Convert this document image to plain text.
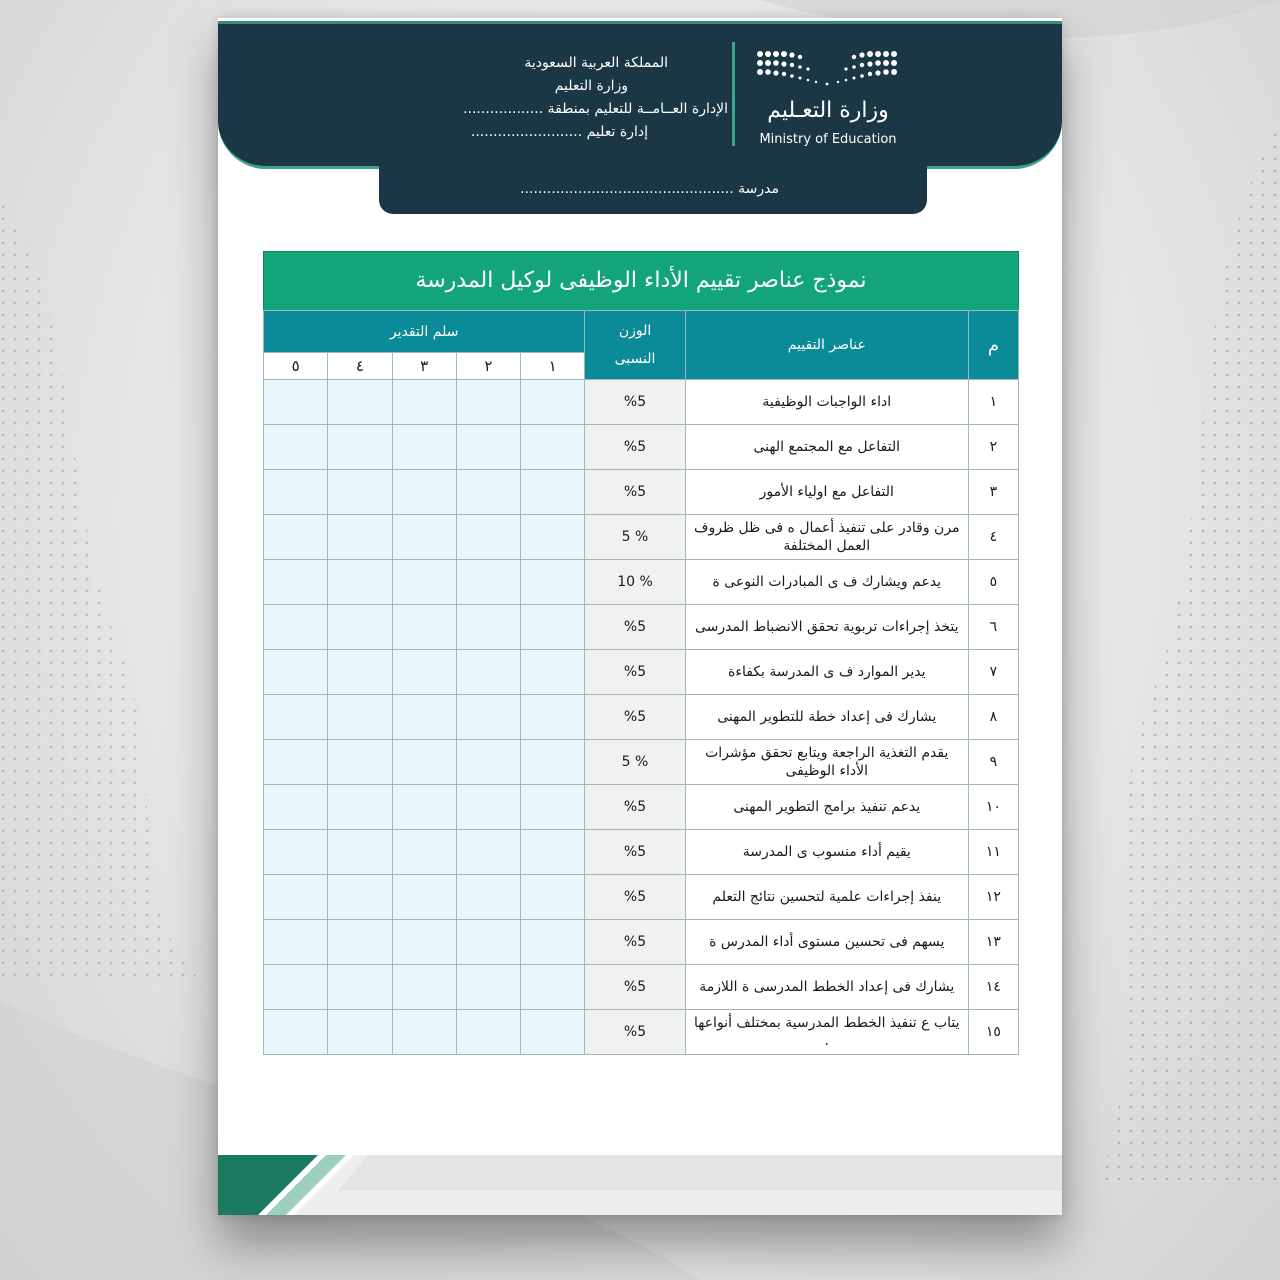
وزارة التعـليم
Ministry of Education
المملكة العربية السعودية
وزارة التعليم
الإدارة العــامــة للتعليم بمنطقة ..................
إدارة تعليم .........................
مدرسة ................................................
نموذج عناصر تقييم الأداء الوظيفى لوكيل المدرسة
م	عناصر التقييم	الوزن النسبى	سلم التقدير				
			١	٢	٣	٤	٥
١	اداء الواجبات الوظيفية	%5					
٢	التفاعل مع المجتمع الهنى	%5					
٣	التفاعل مع اولياء الأمور	%5					
٤	مرن وقادر على تنفيذ أعمال ه فى ظل ظروف العمل المختلفة	% 5					
٥	يدعم ويشارك ف ى المبادرات النوعى ة	% 10					
٦	يتخذ إجراءات تربوية تحقق الانضباط المدرسى	%5					
٧	يدير الموارد ف ى المدرسة بكفاءة	%5					
٨	يشارك فى إعداد خطة للتطوير المهنى	%5					
٩	يقدم التغذية الراجعة ويتابع تحقق مؤشرات الأداء الوظيفى	% 5					
١٠	يدعم تنفيذ برامج التطوير المهنى	%5					
١١	يقيم أداء منسوب ى المدرسة	%5					
١٢	ينفذ إجراءات علمية لتحسين نتائج التعلم	%5					
١٣	يسهم فى تحسين مستوى أداء المدرس ة	%5					
١٤	يشارك فى إعداد الخطط المدرسى ة اللازمة	%5					
١٥	يتاب ع تنفيذ الخطط المدرسية بمختلف أنواعها .	%5					
